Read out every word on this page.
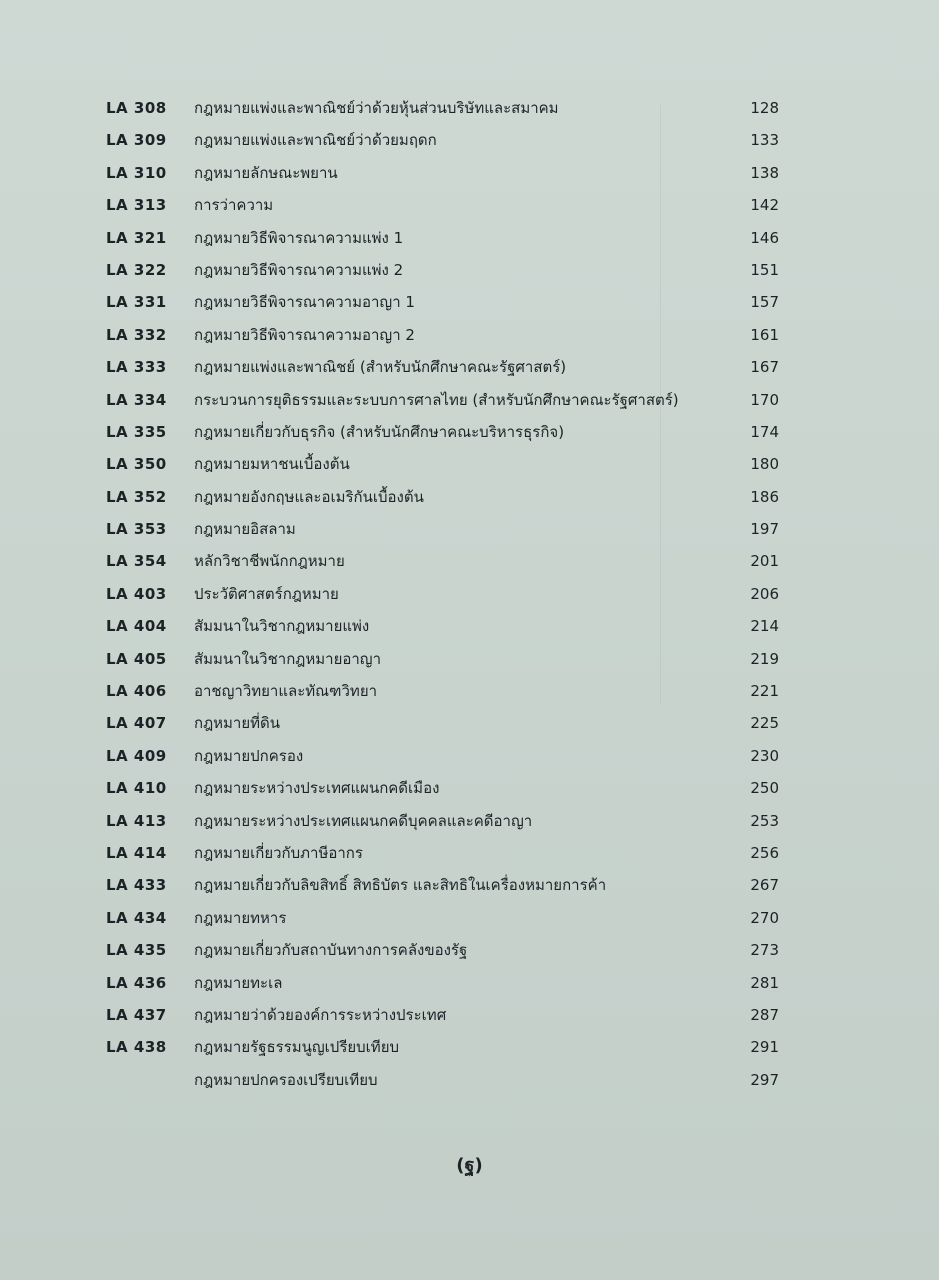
LA 308 กฎหมายแพ่งและพาณิชย์ว่าด้วยหุ้นส่วนบริษัทและสมาคม	128
LA 309 กฎหมายแพ่งและพาณิชย์ว่าด้วยมฤดก	133
LA 310 กฎหมายลักษณะพยาน	138
LA 313 การว่าความ	142
LA 321 กฎหมายวิธีพิจารณาความแพ่ง 1	146
LA 322 กฎหมายวิธีพิจารณาความแพ่ง 2	151
LA 331 กฎหมายวิธีพิจารณาความอาญา 1	157
LA 332 กฎหมายวิธีพิจารณาความอาญา 2	161
LA 333 กฎหมายแพ่งและพาณิชย์ (สำหรับนักศึกษาคณะรัฐศาสตร์)	167
LA 334 กระบวนการยุติธรรมและระบบการศาลไทย (สำหรับนักศึกษาคณะรัฐศาสตร์)	170
LA 335 กฎหมายเกี่ยวกับธุรกิจ (สำหรับนักศึกษาคณะบริหารธุรกิจ)	174
LA 350 กฎหมายมหาชนเบื้องต้น	180
LA 352 กฎหมายอังกฤษและอเมริกันเบื้องต้น	186
LA 353 กฎหมายอิสลาม	197
LA 354 หลักวิชาชีพนักกฎหมาย	201
LA 403 ประวัติศาสตร์กฎหมาย	206
LA 404 สัมมนาในวิชากฎหมายแพ่ง	214
LA 405 สัมมนาในวิชากฎหมายอาญา	219
LA 406 อาชญาวิทยาและทัณฑวิทยา	221
LA 407 กฎหมายที่ดิน	225
LA 409 กฎหมายปกครอง	230
LA 410 กฎหมายระหว่างประเทศแผนกคดีเมือง	250
LA 413 กฎหมายระหว่างประเทศแผนกคดีบุคคลและคดีอาญา	253
LA 414 กฎหมายเกี่ยวกับภาษีอากร	256
LA 433 กฎหมายเกี่ยวกับลิขสิทธิ์ สิทธิบัตร และสิทธิในเครื่องหมายการค้า	267
LA 434 กฎหมายทหาร	270
LA 435 กฎหมายเกี่ยวกับสถาบันทางการคลังของรัฐ	273
LA 436 กฎหมายทะเล	281
LA 437 กฎหมายว่าด้วยองค์การระหว่างประเทศ	287
LA 438 กฎหมายรัฐธรรมนูญเปรียบเทียบ	291
กฎหมายปกครองเปรียบเทียบ	297
(ฐ)
